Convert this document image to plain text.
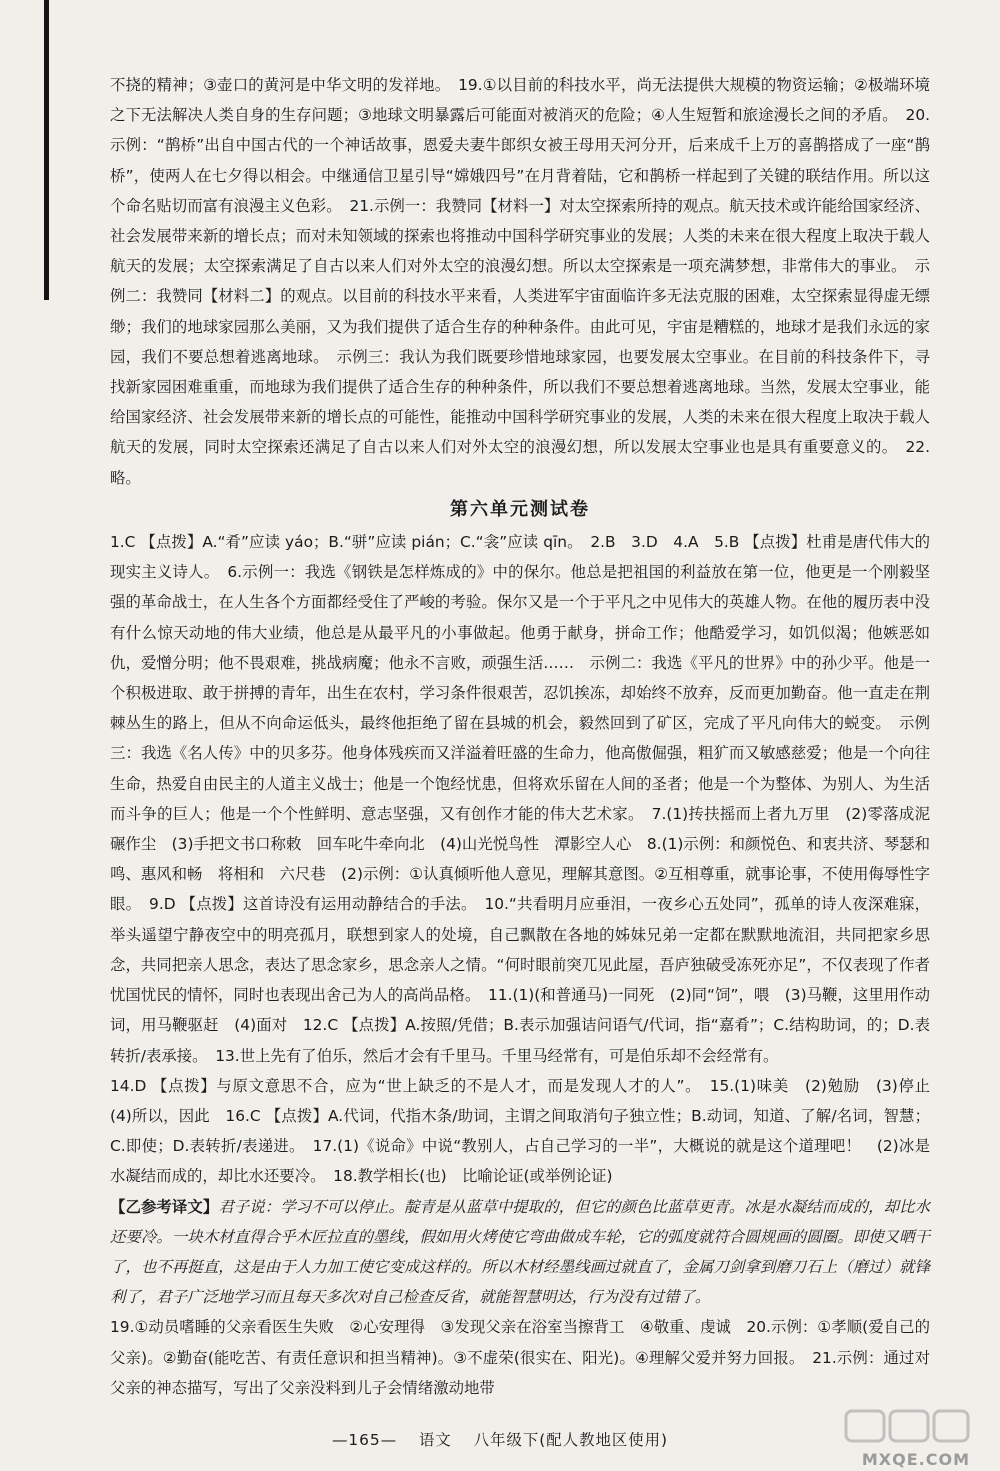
不挠的精神；③壶口的黄河是中华文明的发祥地。　19.①以目前的科技水平，尚无法提供大规模的物资运输；②极端环境之下无法解决人类自身的生存问题；③地球文明暴露后可能面对被消灭的危险；④人生短暂和旅途漫长之间的矛盾。　20.示例：“鹊桥”出自中国古代的一个神话故事，恩爱夫妻牛郎织女被王母用天河分开，后来成千上万的喜鹊搭成了一座“鹊桥”，使两人在七夕得以相会。中继通信卫星引导“嫦娥四号”在月背着陆，它和鹊桥一样起到了关键的联结作用。所以这个命名贴切而富有浪漫主义色彩。　21.示例一：我赞同【材料一】对太空探索所持的观点。航天技术或许能给国家经济、社会发展带来新的增长点；而对未知领域的探索也将推动中国科学研究事业的发展；人类的未来在很大程度上取决于载人航天的发展；太空探索满足了自古以来人们对外太空的浪漫幻想。所以太空探索是一项充满梦想，非常伟大的事业。　示例二：我赞同【材料二】的观点。以目前的科技水平来看，人类进军宇宙面临许多无法克服的困难，太空探索显得虚无缥缈；我们的地球家园那么美丽，又为我们提供了适合生存的种种条件。由此可见，宇宙是糟糕的，地球才是我们永远的家园，我们不要总想着逃离地球。　示例三：我认为我们既要珍惜地球家园，也要发展太空事业。在目前的科技条件下，寻找新家园困难重重，而地球为我们提供了适合生存的种种条件，所以我们不要总想着逃离地球。当然，发展太空事业，能给国家经济、社会发展带来新的增长点的可能性，能推动中国科学研究事业的发展，人类的未来在很大程度上取决于载人航天的发展，同时太空探索还满足了自古以来人们对外太空的浪漫幻想，所以发展太空事业也是具有重要意义的。　22.略。

第六单元测试卷

1.C 【点拨】A.“肴”应读 yáo；B.“骈”应读 pián；C.“衾”应读 qīn。　2.B　3.D　4.A　5.B 【点拨】杜甫是唐代伟大的现实主义诗人。　6.示例一：我选《钢铁是怎样炼成的》中的保尔。他总是把祖国的利益放在第一位，他更是一个刚毅坚强的革命战士，在人生各个方面都经受住了严峻的考验。保尔又是一个于平凡之中见伟大的英雄人物。在他的履历表中没有什么惊天动地的伟大业绩，他总是从最平凡的小事做起。他勇于献身，拼命工作；他酷爱学习，如饥似渴；他嫉恶如仇，爱憎分明；他不畏艰难，挑战病魔；他永不言败，顽强生活……　示例二：我选《平凡的世界》中的孙少平。他是一个积极进取、敢于拼搏的青年，出生在农村，学习条件很艰苦，忍饥挨冻，却始终不放弃，反而更加勤奋。他一直走在荆棘丛生的路上，但从不向命运低头，最终他拒绝了留在县城的机会，毅然回到了矿区，完成了平凡向伟大的蜕变。　示例三：我选《名人传》中的贝多芬。他身体残疾而又洋溢着旺盛的生命力，他高傲倔强，粗犷而又敏感慈爱；他是一个向往生命，热爱自由民主的人道主义战士；他是一个饱经忧患，但将欢乐留在人间的圣者；他是一个为整体、为别人、为生活而斗争的巨人；他是一个个性鲜明、意志坚强，又有创作才能的伟大艺术家。　7.(1)抟扶摇而上者九万里　(2)零落成泥碾作尘　(3)手把文书口称敕　回车叱牛牵向北　(4)山光悦鸟性　潭影空人心　8.(1)示例：和颜悦色、和衷共济、琴瑟和鸣、惠风和畅　将相和　六尺巷　(2)示例：①认真倾听他人意见，理解其意图。②互相尊重，就事论事，不使用侮辱性字眼。　9.D 【点拨】这首诗没有运用动静结合的手法。　10.“共看明月应垂泪，一夜乡心五处同”，孤单的诗人夜深难寐，举头遥望宁静夜空中的明亮孤月，联想到家人的处境，自己飘散在各地的姊妹兄弟一定都在默默地流泪，共同把家乡思念，共同把亲人思念，表达了思念家乡，思念亲人之情。“何时眼前突兀见此屋，吾庐独破受冻死亦足”，不仅表现了作者忧国忧民的情怀，同时也表现出舍己为人的高尚品格。　11.(1)(和普通马)一同死　(2)同“饲”，喂　(3)马鞭，这里用作动词，用马鞭驱赶　(4)面对　12.C 【点拨】A.按照/凭借；B.表示加强诘问语气/代词，指“嘉肴”；C.结构助词，的；D.表转折/表承接。　13.世上先有了伯乐，然后才会有千里马。千里马经常有，可是伯乐却不会经常有。

14.D 【点拨】与原文意思不合，应为“世上缺乏的不是人才，而是发现人才的人”。　15.(1)味美　(2)勉励　(3)停止　(4)所以，因此　16.C 【点拨】A.代词，代指木条/助词，主谓之间取消句子独立性；B.动词，知道、了解/名词，智慧；C.即使；D.表转折/表递进。　17.(1)《说命》中说“教别人，占自己学习的一半”，大概说的就是这个道理吧！　(2)冰是水凝结而成的，却比水还要冷。　18.教学相长(也)　比喻论证(或举例论证)

【乙参考译文】君子说：学习不可以停止。靛青是从蓝草中提取的，但它的颜色比蓝草更青。冰是水凝结而成的，却比水还要冷。一块木材直得合乎木匠拉直的墨线，假如用火烤使它弯曲做成车轮，它的弧度就符合圆规画的圆圈。即使又晒干了，也不再挺直，这是由于人力加工使它变成这样的。所以木材经墨线画过就直了，金属刀剑拿到磨刀石上（磨过）就锋利了，君子广泛地学习而且每天多次对自己检查反省，就能智慧明达，行为没有过错了。

19.①动员嗜睡的父亲看医生失败　②心安理得　③发现父亲在浴室当擦背工　④敬重、虔诚　20.示例：①孝顺(爱自己的父亲)。②勤奋(能吃苦、有责任意识和担当精神)。③不虚荣(很实在、阳光)。④理解父爱并努力回报。　21.示例：通过对父亲的神态描写，写出了父亲没料到儿子会情绪激动地带

—165— 语文 八年级下(配人教地区使用)
MXQE.COM
